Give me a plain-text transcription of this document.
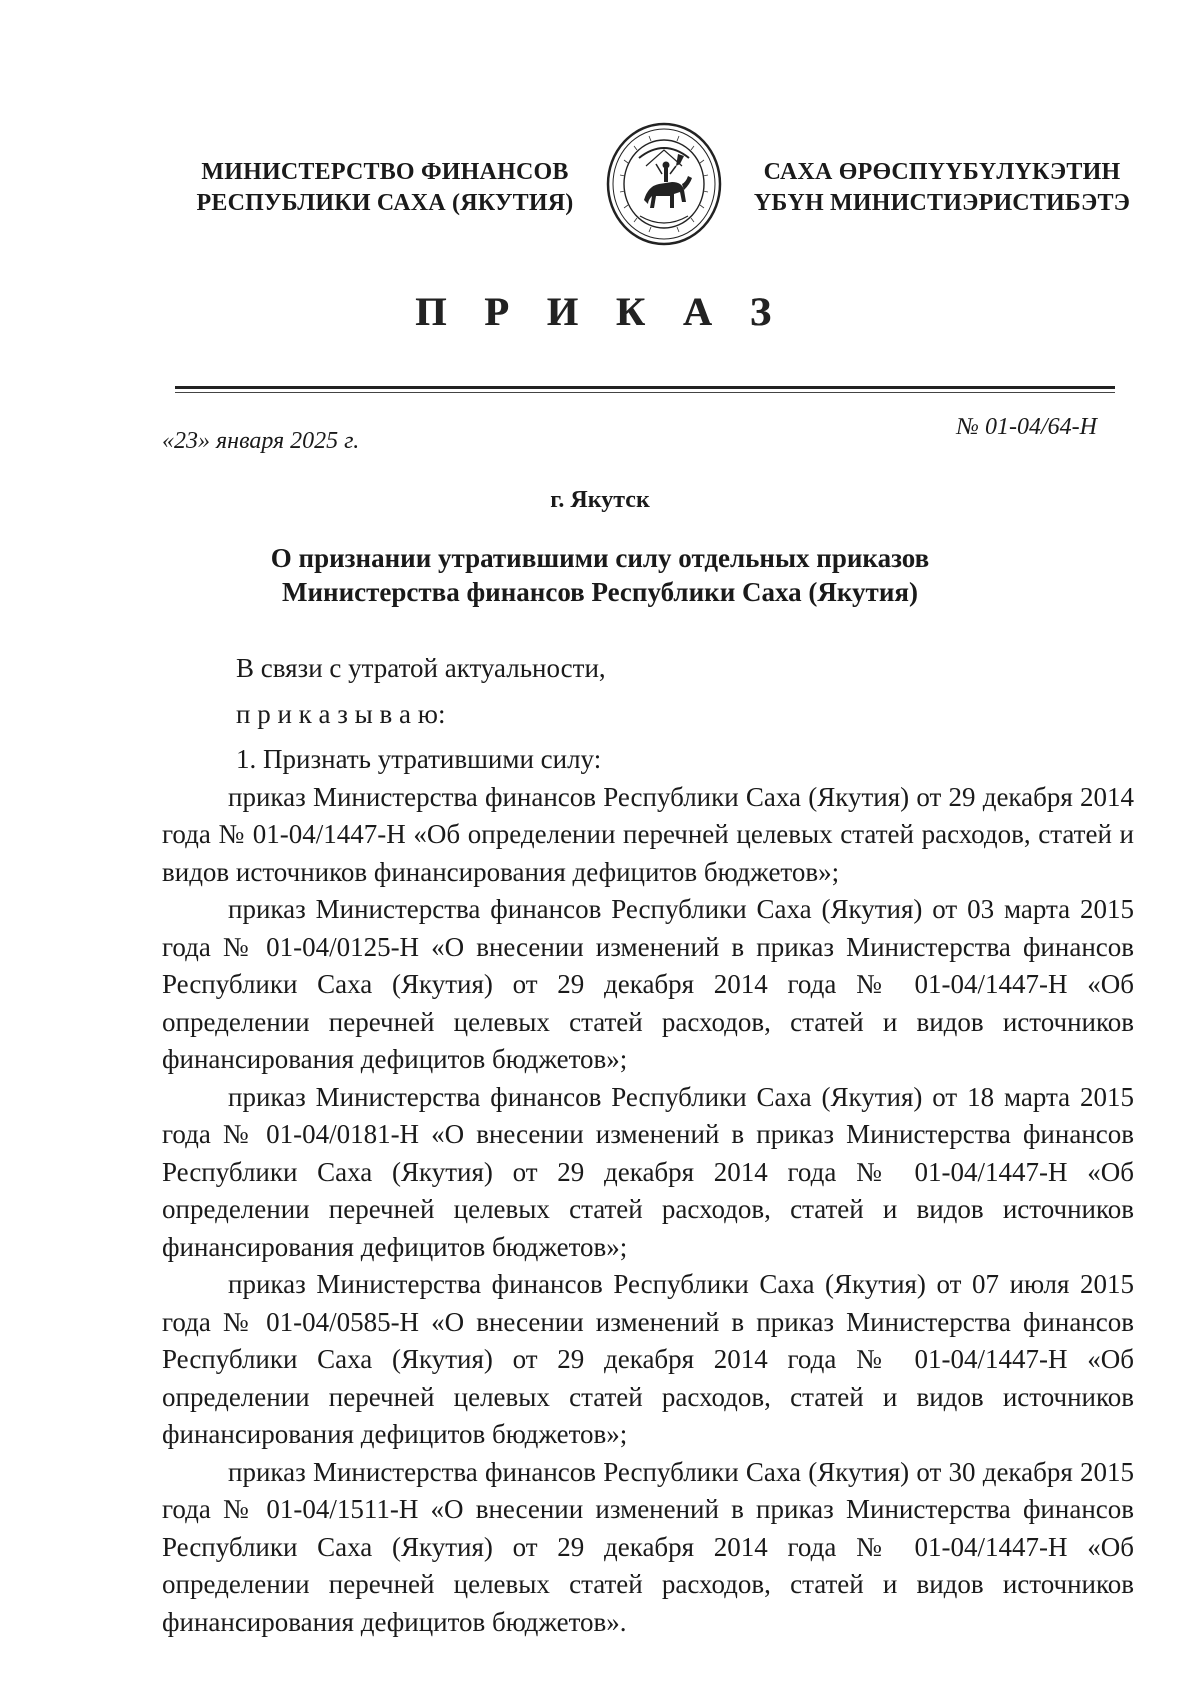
МИНИСТЕРСТВО ФИНАНСОВ
РЕСПУБЛИКИ САХА (ЯКУТИЯ)
САХА ӨРӨСПҮҮБҮЛҮКЭТИН
ҮБҮН МИНИСТИЭРИСТИБЭТЭ
П Р И К А З
«23» января 2025 г.
№ 01-04/64-Н
г. Якутск
О признании утратившими силу отдельных приказов
Министерства финансов Республики Саха (Якутия)

В связи с утратой актуальности,

п р и к а з ы в а ю:

1. Признать утратившими силу:

приказ Министерства финансов Республики Саха (Якутия) от 29 декабря 2014 года № 01-04/1447-Н «Об определении перечней целевых статей расходов, статей и видов источников финансирования дефицитов бюджетов»;

приказ Министерства финансов Республики Саха (Якутия) от 03 марта 2015 года № 01-04/0125-Н «О внесении изменений в приказ Министерства финансов Республики Саха (Якутия) от 29 декабря 2014 года № 01-04/1447-Н «Об определении перечней целевых статей расходов, статей и видов источников финансирования дефицитов бюджетов»;

приказ Министерства финансов Республики Саха (Якутия) от 18 марта 2015 года № 01-04/0181-Н «О внесении изменений в приказ Министерства финансов Республики Саха (Якутия) от 29 декабря 2014 года № 01-04/1447-Н «Об определении перечней целевых статей расходов, статей и видов источников финансирования дефицитов бюджетов»;

приказ Министерства финансов Республики Саха (Якутия) от 07 июля 2015 года № 01-04/0585-Н «О внесении изменений в приказ Министерства финансов Республики Саха (Якутия) от 29 декабря 2014 года № 01-04/1447-Н «Об определении перечней целевых статей расходов, статей и видов источников финансирования дефицитов бюджетов»;

приказ Министерства финансов Республики Саха (Якутия) от 30 декабря 2015 года № 01-04/1511-Н «О внесении изменений в приказ Министерства финансов Республики Саха (Якутия) от 29 декабря 2014 года № 01-04/1447-Н «Об определении перечней целевых статей расходов, статей и видов источников финансирования дефицитов бюджетов».
